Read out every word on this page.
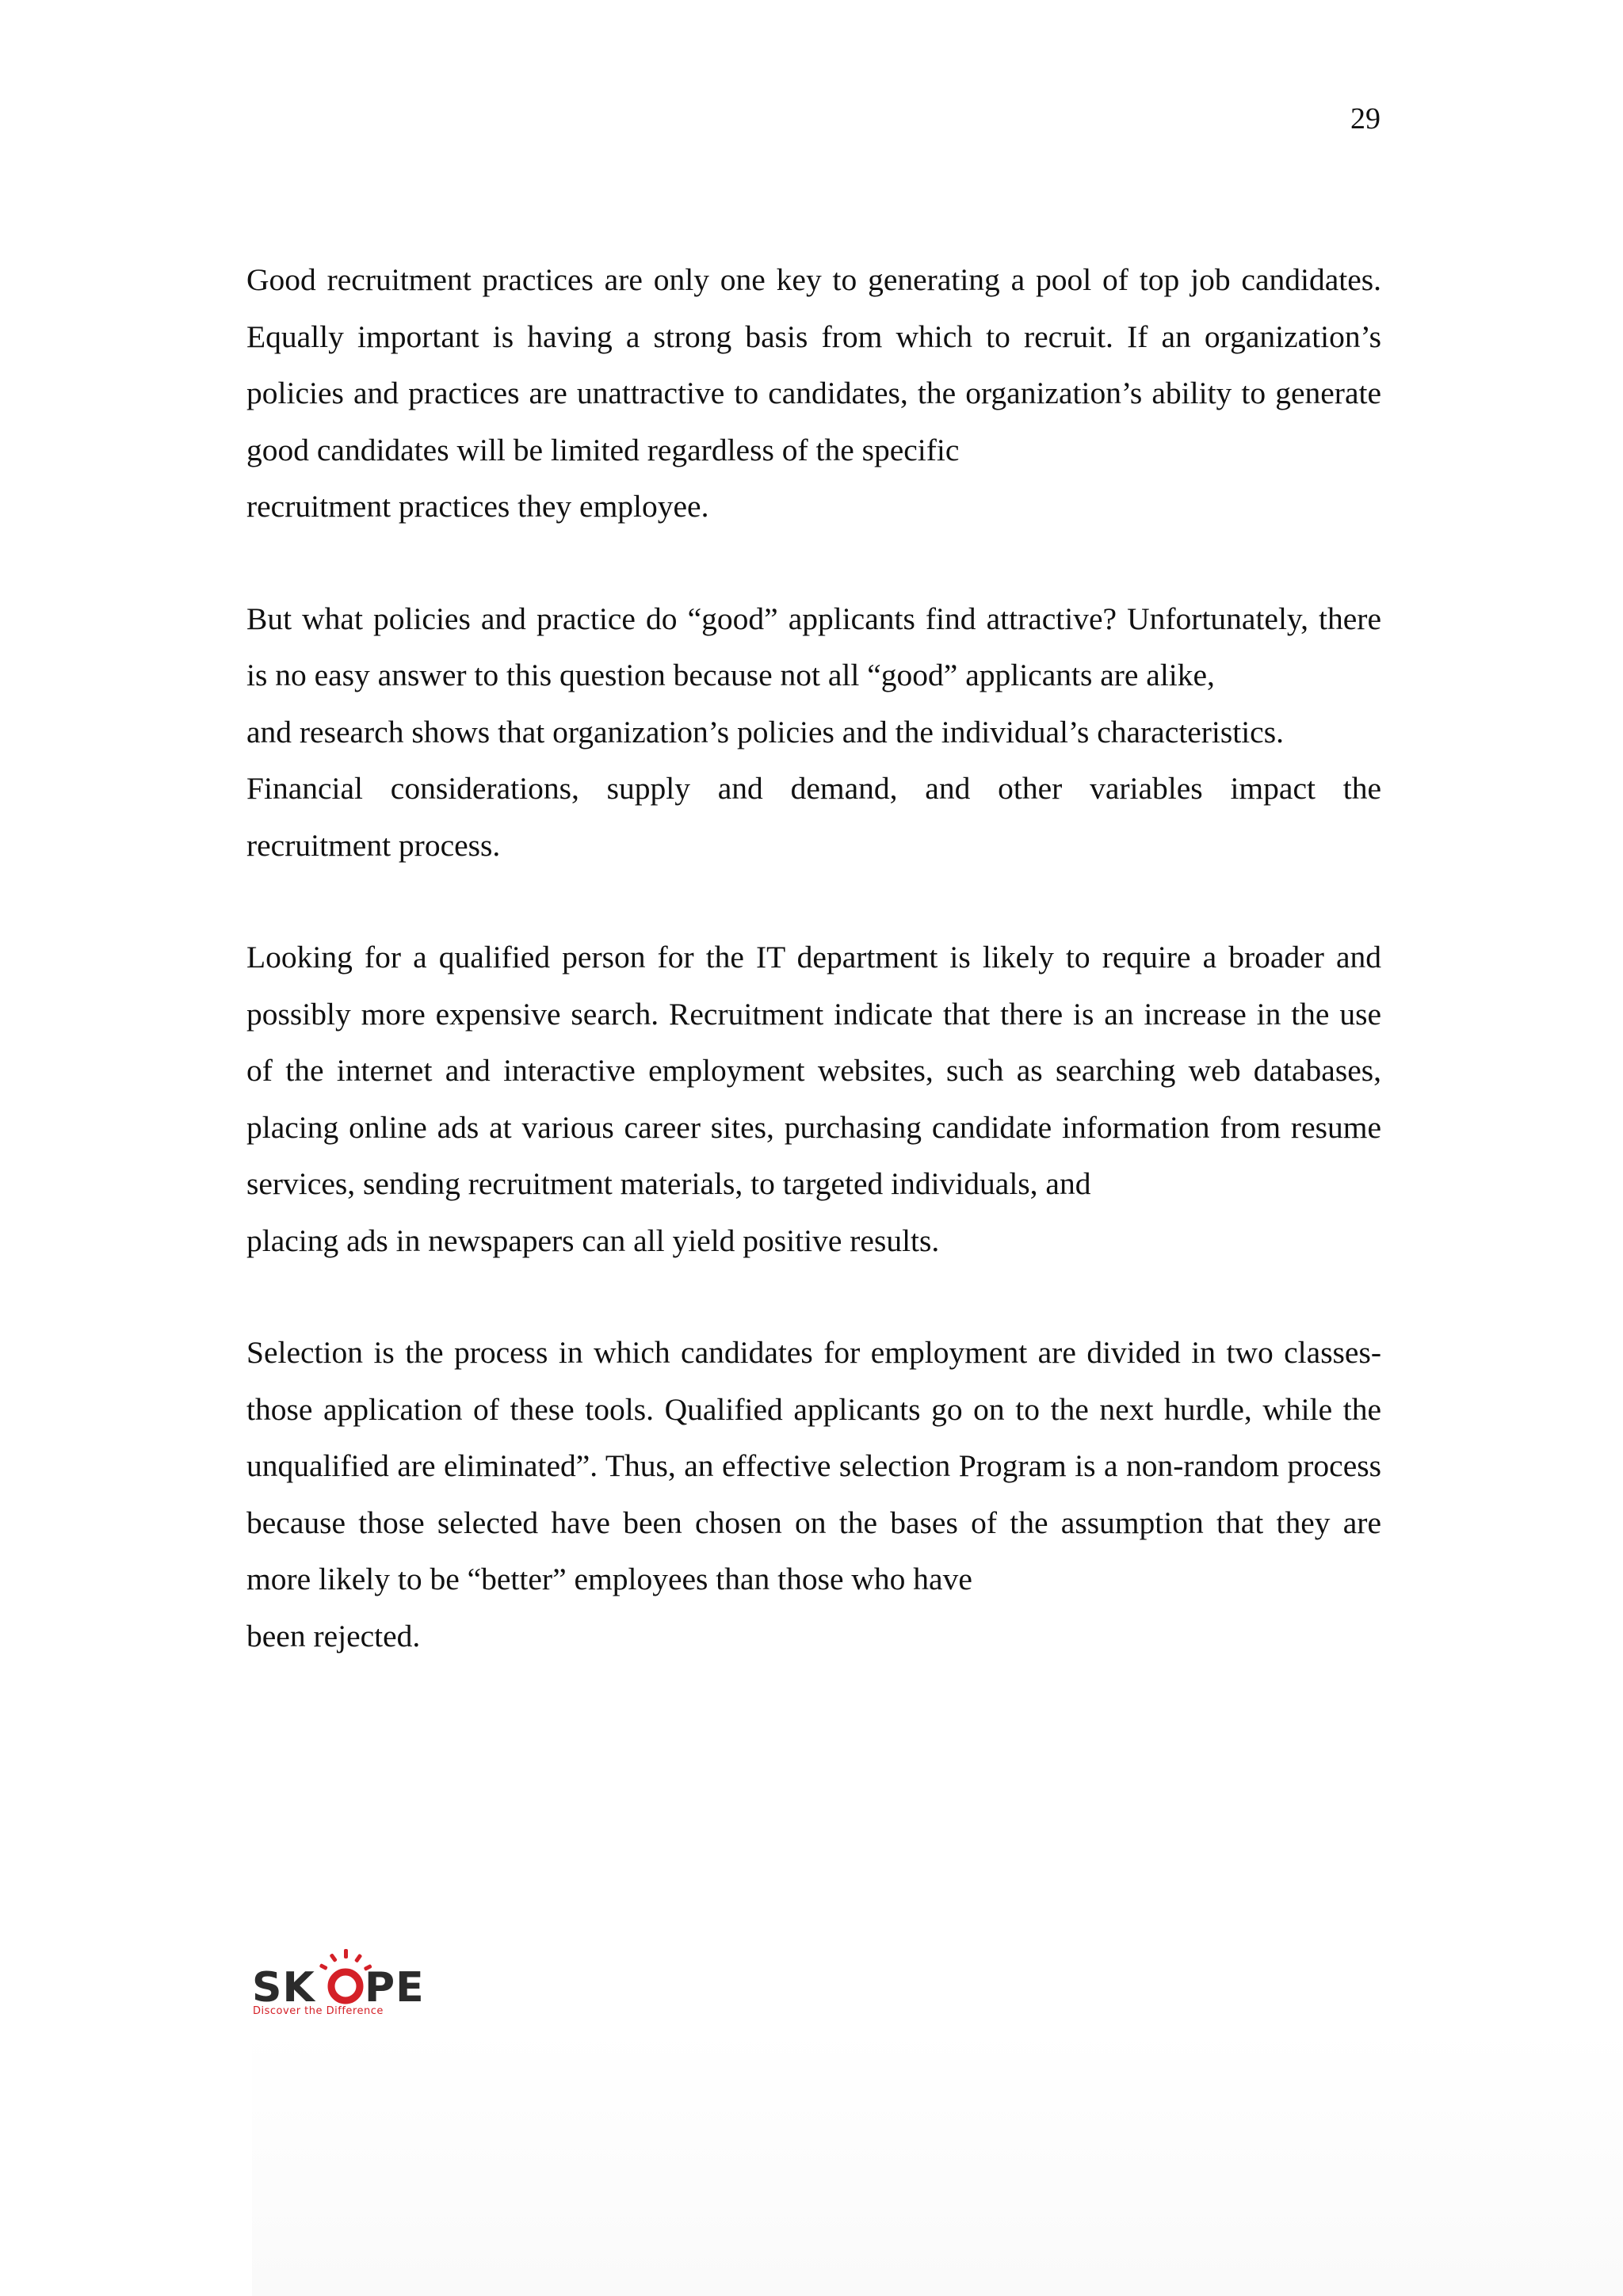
29

Good recruitment practices are only one key to generating a pool of top job candidates. Equally important is having a strong basis from which to recruit. If an organization’s policies and practices are unattractive to candidates, the organization’s ability to generate good candidates will be limited regardless of the specific
recruitment practices they employee.

But what policies and practice do “good” applicants find attractive? Unfortunately, there is no easy answer to this question because not all “good” applicants are alike,
and research shows that organization’s policies and the individual’s characteristics.
Financial considerations, supply and demand, and other variables impact the
recruitment process.

Looking for a qualified person for the IT department is likely to require a broader and possibly more expensive search. Recruitment indicate that there is an increase in the use of the internet and interactive employment websites, such as searching web databases, placing online ads at various career sites, purchasing candidate information from resume services, sending recruitment materials, to targeted individuals, and
placing ads in newspapers can all yield positive results.

Selection is the process in which candidates for employment are divided in two classes-those application of these tools. Qualified applicants go on to the next hurdle, while the unqualified are eliminated”. Thus, an effective selection Program is a non-random process because those selected have been chosen on the bases of the assumption that they are more likely to be “better” employees than those who have
been rejected.

SK PE
Discover the Difference
